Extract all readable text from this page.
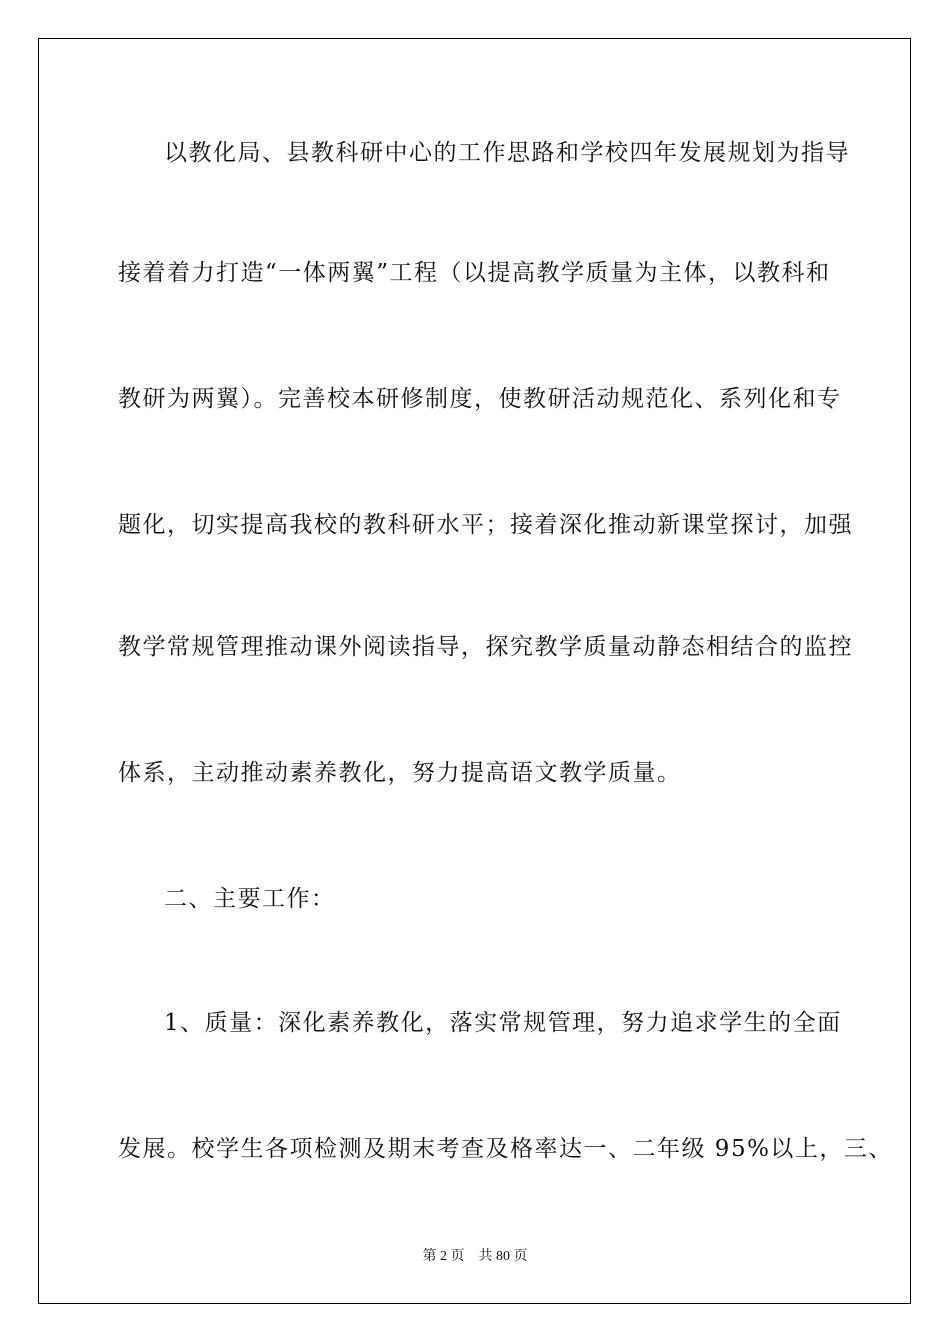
以教化局、县教科研中心的工作思路和学校四年发展规划为指导
接着着力打造“一体两翼”工程（以提高教学质量为主体，以教科和
教研为两翼）。完善校本研修制度，使教研活动规范化、系列化和专
题化，切实提高我校的教科研水平；接着深化推动新课堂探讨，加强
教学常规管理推动课外阅读指导，探究教学质量动静态相结合的监控
体系，主动推动素养教化，努力提高语文教学质量。
二、主要工作：
1、质量：深化素养教化，落实常规管理，努力追求学生的全面
发展。校学生各项检测及期末考查及格率达一、二年级 95%以上，三、
第 2 页 共 80 页
